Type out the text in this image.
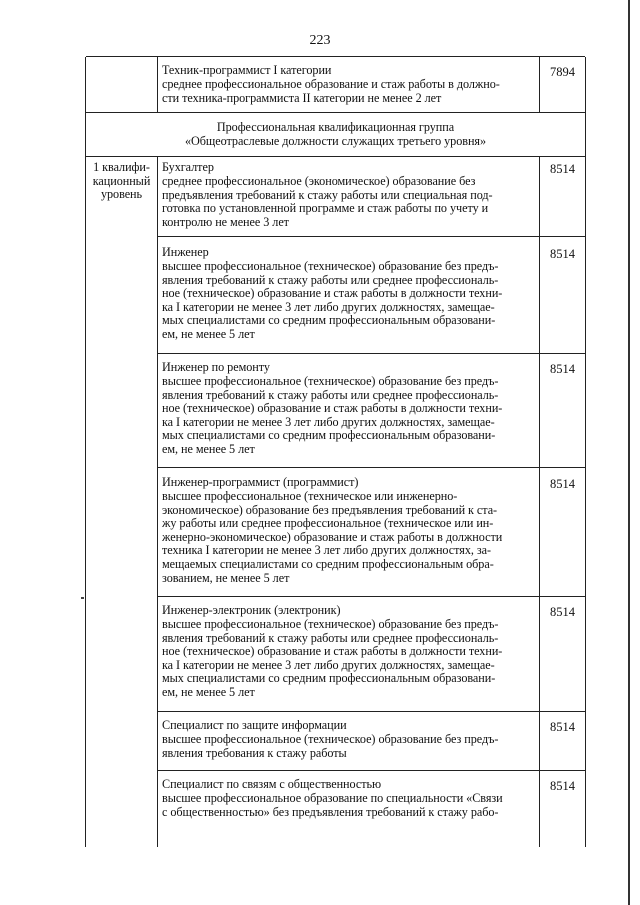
223
Техник-программист I категории
среднее профессиональное образование и стаж работы в должно-
сти техника-программиста II категории не менее 2 лет
7894
Профессиональная квалификационная группа
«Общеотраслевые должности служащих третьего уровня»
1 квалифи-
кационный
уровень
Бухгалтер
среднее профессиональное (экономическое) образование без
предъявления требований к стажу работы или специальная под-
готовка по установленной программе и стаж работы по учету и
контролю не менее 3 лет
8514
Инженер
высшее профессиональное (техническое) образование без предъ-
явления требований к стажу работы или среднее профессиональ-
ное (техническое) образование и стаж работы в должности техни-
ка I категории не менее 3 лет либо других должностях, замещае-
мых специалистами со средним профессиональным образовани-
ем, не менее 5 лет
8514
Инженер по ремонту
высшее профессиональное (техническое) образование без предъ-
явления требований к стажу работы или среднее профессиональ-
ное (техническое) образование и стаж работы в должности техни-
ка I категории не менее 3 лет либо других должностях, замещае-
мых специалистами со средним профессиональным образовани-
ем, не менее 5 лет
8514
Инженер-программист (программист)
высшее профессиональное (техническое или инженерно-
экономическое) образование без предъявления требований к ста-
жу работы или среднее профессиональное (техническое или ин-
женерно-экономическое) образование и стаж работы в должности
техника I категории не менее 3 лет либо других должностях, за-
мещаемых специалистами со средним профессиональным обра-
зованием, не менее 5 лет
8514
Инженер-электроник (электроник)
высшее профессиональное (техническое) образование без предъ-
явления требований к стажу работы или среднее профессиональ-
ное (техническое) образование и стаж работы в должности техни-
ка I категории не менее 3 лет либо других должностях, замещае-
мых специалистами со средним профессиональным образовани-
ем, не менее 5 лет
8514
Специалист по защите информации
высшее профессиональное (техническое) образование без предъ-
явления требования к стажу работы
8514
Специалист по связям с общественностью
высшее профессиональное образование по специальности «Связи
с общественностью» без предъявления требований к стажу рабо-
8514
